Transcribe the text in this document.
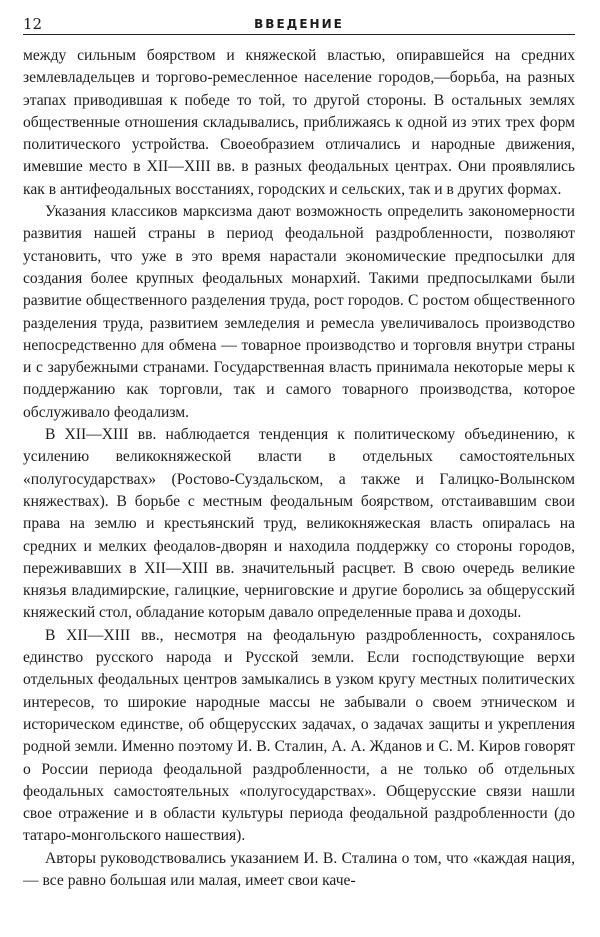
12	ВВЕДЕНИЕ

между сильным боярством и княжеской властью, опиравшейся на средних землевладельцев и торгово-ремесленное население городов,—борьба, на разных этапах приводившая к победе то той, то другой стороны. В остальных землях общественные отношения складывались, приближаясь к одной из этих трех форм политического устройства. Своеобразием отличались и народные движения, имевшие место в XII—XIII вв. в разных феодальных центрах. Они проявлялись как в антифеодальных восстаниях, городских и сельских, так и в других формах.

Указания классиков марксизма дают возможность определить закономерности развития нашей страны в период феодальной раздробленности, позволяют установить, что уже в это время нарастали экономические предпосылки для создания более крупных феодальных монархий. Такими предпосылками были развитие общественного разделения труда, рост городов. С ростом общественного разделения труда, развитием земледелия и ремесла увеличивалось производство непосредственно для обмена — товарное производство и торговля внутри страны и с зарубежными странами. Государственная власть принимала некоторые меры к поддержанию как торговли, так и самого товарного производства, которое обслуживало феодализм.

В XII—XIII вв. наблюдается тенденция к политическому объединению, к усилению великокняжеской власти в отдельных самостоятельных «полугосударствах» (Ростово-Суздальском, а также и Галицко-Волынском княжествах). В борьбе с местным феодальным боярством, отстаивавшим свои права на землю и крестьянский труд, великокняжеская власть опиралась на средних и мелких феодалов-дворян и находила поддержку со стороны городов, переживавших в XII—XIII вв. значительный расцвет. В свою очередь великие князья владимирские, галицкие, черниговские и другие боролись за общерусский княжеский стол, обладание которым давало определенные права и доходы.

В XII—XIII вв., несмотря на феодальную раздробленность, сохранялось единство русского народа и Русской земли. Если господствующие верхи отдельных феодальных центров замыкались в узком кругу местных политических интересов, то широкие народные массы не забывали о своем этническом и историческом единстве, об общерусских задачах, о задачах защиты и укрепления родной земли. Именно поэтому И. В. Сталин, А. А. Жданов и С. М. Киров говорят о России периода феодальной раздробленности, а не только об отдельных феодальных самостоятельных «полугосударствах». Общерусские связи нашли свое отражение и в области культуры периода феодальной раздробленности (до татаро-монгольского нашествия).

Авторы руководствовались указанием И. В. Сталина о том, что «каждая нация,— все равно большая или малая, имеет свои каче-
